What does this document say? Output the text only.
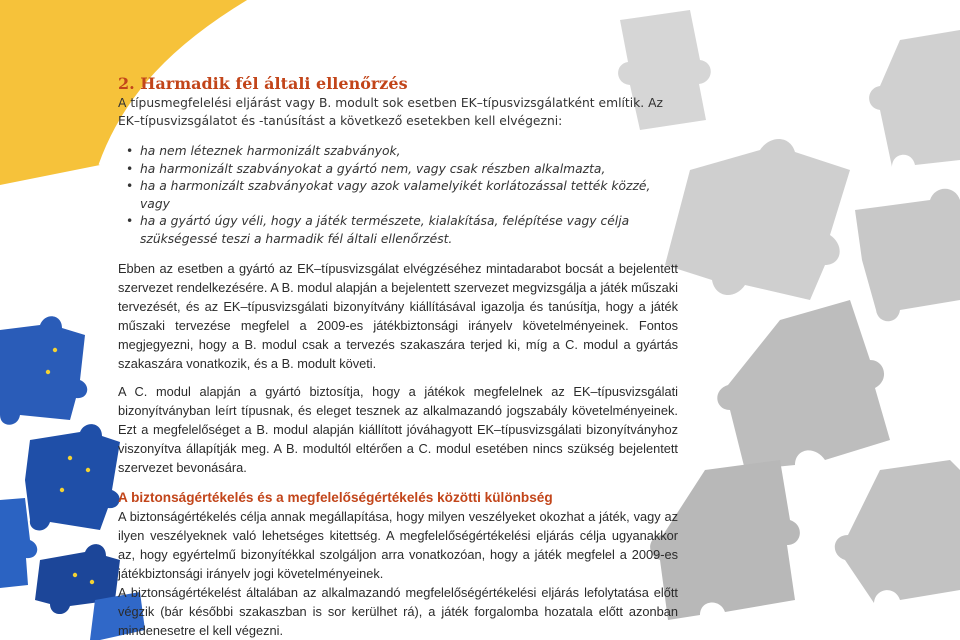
2. Harmadik fél általi ellenőrzés

A típusmegfelelési eljárást vagy B. modult sok esetben EK–típusvizsgálatként említik. Az EK–típusvizsgálatot és -tanúsítást a következő esetekben kell elvégezni:

• ha nem léteznek harmonizált szabványok,
• ha harmonizált szabványokat a gyártó nem, vagy csak részben alkalmazta,
• ha a harmonizált szabványokat vagy azok valamelyikét korlátozással tették közzé, vagy
• ha a gyártó úgy véli, hogy a játék természete, kialakítása, felépítése vagy célja szükségessé teszi a harmadik fél általi ellenőrzést.

Ebben az esetben a gyártó az EK–típusvizsgálat elvégzéséhez mintadarabot bocsát a bejelentett szervezet rendelkezésére. A B. modul alapján a bejelentett szervezet megvizsgálja a játék műszaki tervezését, és az EK–típusvizsgálati bizonyítvány kiállításával igazolja és tanúsítja, hogy a játék műszaki tervezése megfelel a 2009-es játékbiztonsági irányelv követelményeinek. Fontos megjegyezni, hogy a B. modul csak a tervezés szakaszára terjed ki, míg a C. modul a gyártás szakaszára vonatkozik, és a B. modult követi.

A C. modul alapján a gyártó biztosítja, hogy a játékok megfelelnek az EK–típusvizsgálati bizonyítványban leírt típusnak, és eleget tesznek az alkalmazandó jogszabály követelményeinek. Ezt a megfelelőséget a B. modul alapján kiállított jóváhagyott EK–típusvizsgálati bizonyítványhoz viszonyítva állapítják meg. A B. modultól eltérően a C. modul esetében nincs szükség bejelentett szervezet bevonására.

A biztonságértékelés és a megfelelőségértékelés közötti különbség

A biztonságértékelés célja annak megállapítása, hogy milyen veszélyeket okozhat a játék, vagy az ilyen veszélyeknek való lehetséges kitettség. A megfelelőségértékelési eljárás célja ugyanakkor az, hogy egyértelmű bizonyítékkal szolgáljon arra vonatkozóan, hogy a játék megfelel a 2009-es játékbiztonsági irányelv jogi követelményeinek.

A biztonságértékelést általában az alkalmazandó megfelelőségértékelési eljárás lefolytatása előtt végzik (bár későbbi szakaszban is sor kerülhet rá), a játék forgalomba hozatala előtt azonban mindenesetre el kell végezni.
